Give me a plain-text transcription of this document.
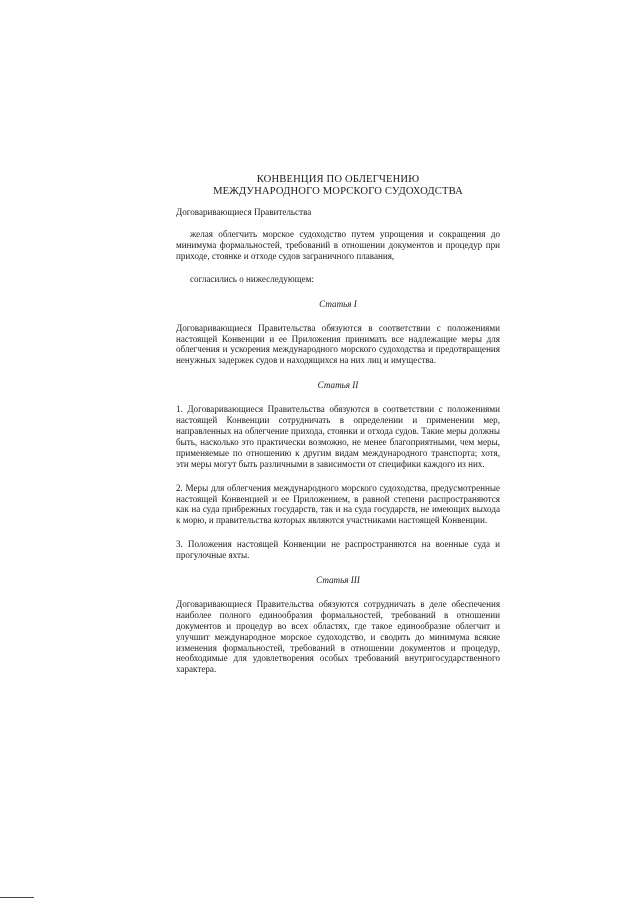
КОНВЕНЦИЯ ПО ОБЛЕГЧЕНИЮ
МЕЖДУНАРОДНОГО МОРСКОГО СУДОХОДСТВА

Договаривающиеся Правительства

желая облегчить морское судоходство путем упрощения и сокращения до минимума формальностей, требований в отношении документов и процедур при приходе, стоянке и отходе судов заграничного плавания,

согласились о нижеследующем:

Статья I

Договаривающиеся Правительства обязуются в соответствии с положениями настоящей Конвенции и ее Приложения принимать все надлежащие меры для облегчения и ускорения международного морского судоходства и предотвращения ненужных задержек судов и находящихся на них лиц и имущества.

Статья II

1. Договаривающиеся Правительства обязуются в соответствии с положениями настоящей Конвенции сотрудничать в определении и применении мер, направленных на облегчение прихода, стоянки и отхода судов. Такие меры должны быть, насколько это практически возможно, не менее благоприятными, чем меры, применяемые по отношению к другим видам международного транспорта; хотя, эти меры могут быть различными в зависимости от специфики каждого из них.

2. Меры для облегчения международного морского судоходства, предусмотренные настоящей Конвенцией и ее Приложением, в равной степени распространяются как на суда прибрежных государств, так и на суда государств, не имеющих выхода к морю, и правительства которых являются участниками настоящей Конвенции.

3. Положения настоящей Конвенции не распространяются на военные суда и прогулочные яхты.

Статья III

Договаривающиеся Правительства обязуются сотрудничать в деле обеспечения наиболее полного единообразия формальностей, требований в отношении документов и процедур во всех областях, где такое единообразие облегчит и улучшит международное морское судоходство, и сводить до минимума всякие изменения формальностей, требований в отношении документов и процедур, необходимые для удовлетворения особых требований внутригосударственного характера.
